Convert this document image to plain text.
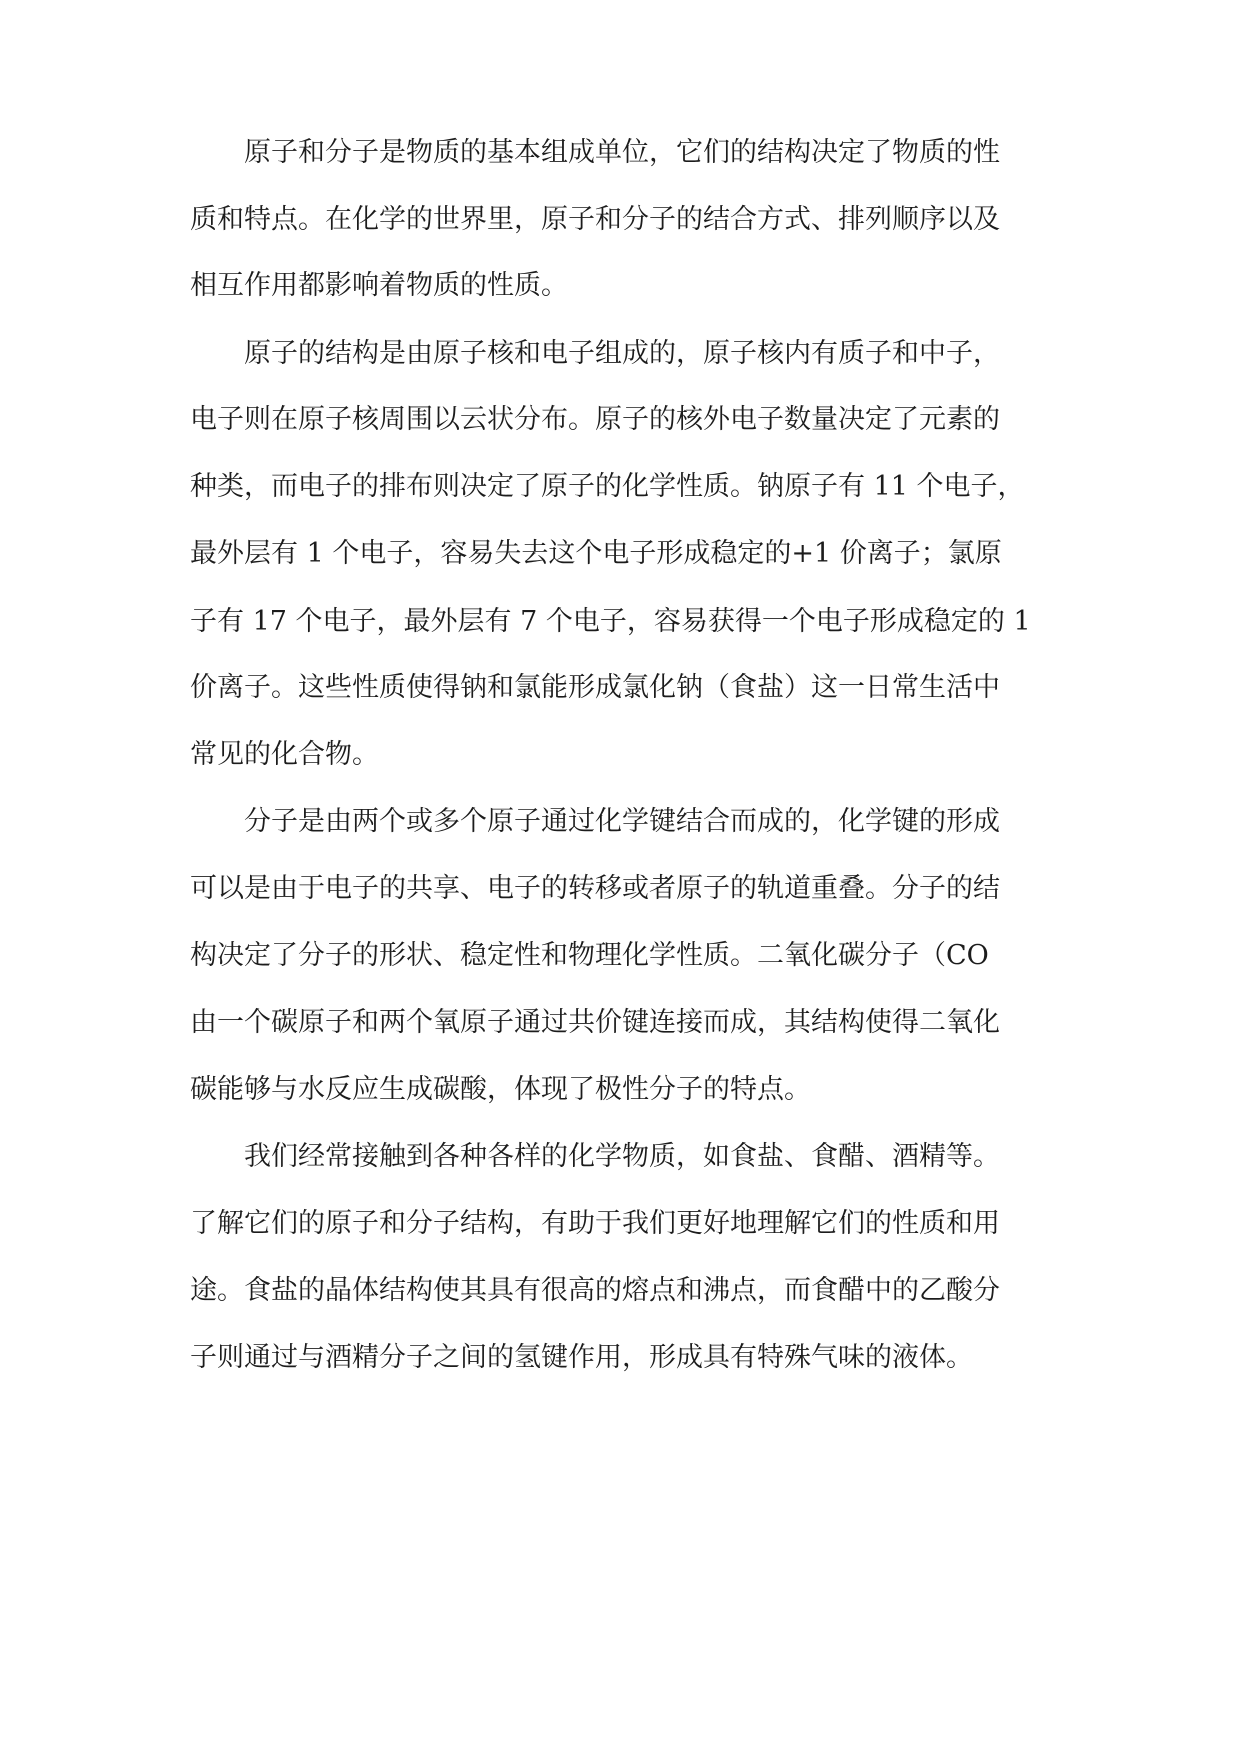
原子和分子是物质的基本组成单位，它们的结构决定了物质的性

质和特点。在化学的世界里，原子和分子的结合方式、排列顺序以及

相互作用都影响着物质的性质。

原子的结构是由原子核和电子组成的，原子核内有质子和中子，

电子则在原子核周围以云状分布。原子的核外电子数量决定了元素的

种类，而电子的排布则决定了原子的化学性质。钠原子有 11 个电子，

最外层有 1 个电子，容易失去这个电子形成稳定的+1 价离子；氯原

子有 17 个电子，最外层有 7 个电子，容易获得一个电子形成稳定的 1

价离子。这些性质使得钠和氯能形成氯化钠（食盐）这一日常生活中

常见的化合物。

分子是由两个或多个原子通过化学键结合而成的，化学键的形成

可以是由于电子的共享、电子的转移或者原子的轨道重叠。分子的结

构决定了分子的形状、稳定性和物理化学性质。二氧化碳分子（CO

由一个碳原子和两个氧原子通过共价键连接而成，其结构使得二氧化

碳能够与水反应生成碳酸，体现了极性分子的特点。

我们经常接触到各种各样的化学物质，如食盐、食醋、酒精等。

了解它们的原子和分子结构，有助于我们更好地理解它们的性质和用

途。食盐的晶体结构使其具有很高的熔点和沸点，而食醋中的乙酸分

子则通过与酒精分子之间的氢键作用，形成具有特殊气味的液体。
